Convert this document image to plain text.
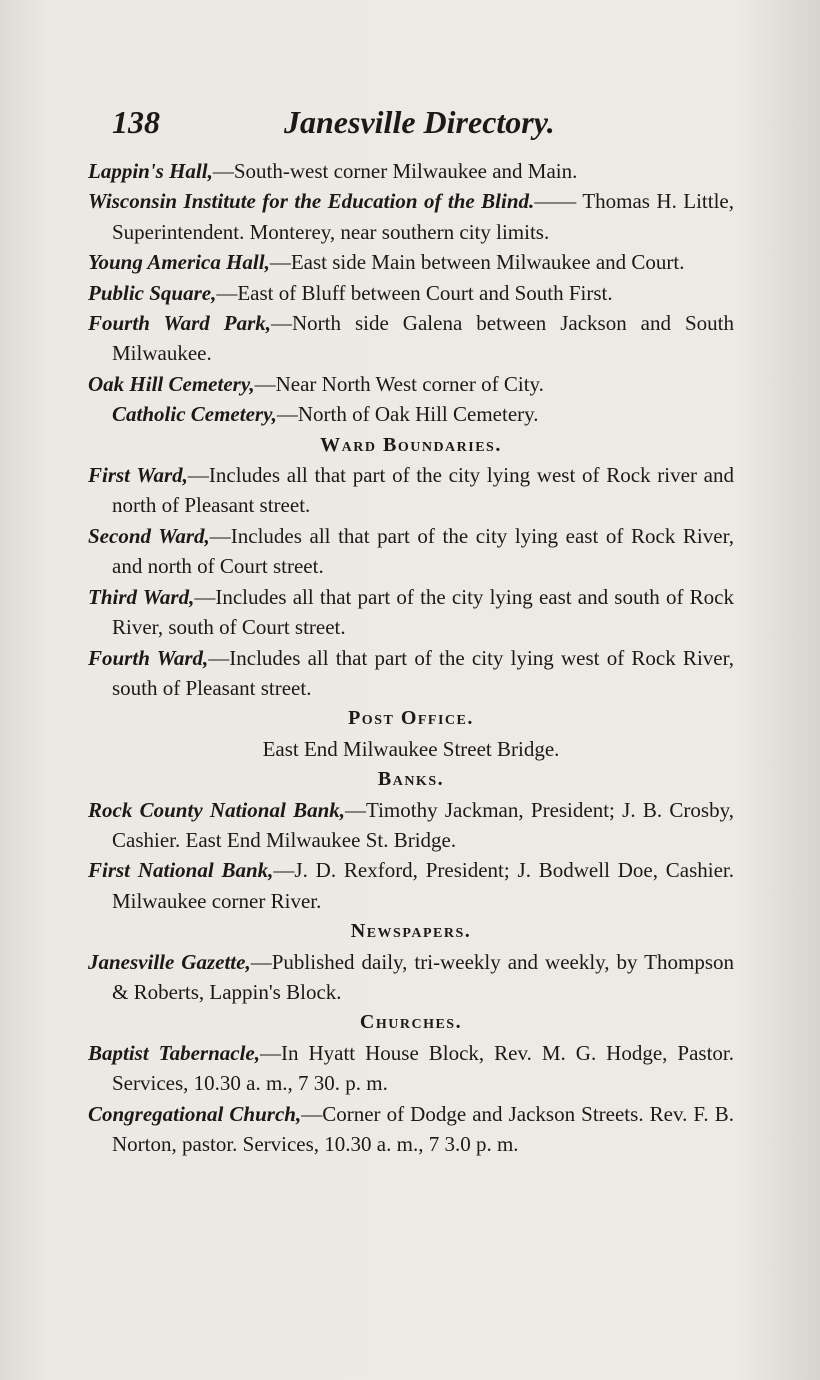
138	Janesville Directory.
Lappin's Hall,—South-west corner Milwaukee and Main.
Wisconsin Institute for the Education of the Blind.—— Thomas H. Little, Superintendent. Monterey, near southern city limits.
Young America Hall,—East side Main between Milwaukee and Court.
Public Square,—East of Bluff between Court and South First.
Fourth Ward Park,—North side Galena between Jackson and South Milwaukee.
Oak Hill Cemetery,—Near North West corner of City.
Catholic Cemetery,—North of Oak Hill Cemetery.
Ward Boundaries.
First Ward,—Includes all that part of the city lying west of Rock river and north of Pleasant street.
Second Ward,—Includes all that part of the city lying east of Rock River, and north of Court street.
Third Ward,—Includes all that part of the city lying east and south of Rock River, south of Court street.
Fourth Ward,—Includes all that part of the city lying west of Rock River, south of Pleasant street.
Post Office.
East End Milwaukee Street Bridge.
Banks.
Rock County National Bank,—Timothy Jackman, President; J. B. Crosby, Cashier. East End Milwaukee St. Bridge.
First National Bank,—J. D. Rexford, President; J. Bodwell Doe, Cashier. Milwaukee corner River.
Newspapers.
Janesville Gazette,—Published daily, tri-weekly and weekly, by Thompson & Roberts, Lappin's Block.
Churches.
Baptist Tabernacle,—In Hyatt House Block, Rev. M. G. Hodge, Pastor. Services, 10.30 a. m., 7 30. p. m.
Congregational Church,—Corner of Dodge and Jackson Streets. Rev. F. B. Norton, pastor. Services, 10.30 a. m., 7 3.0 p. m.
